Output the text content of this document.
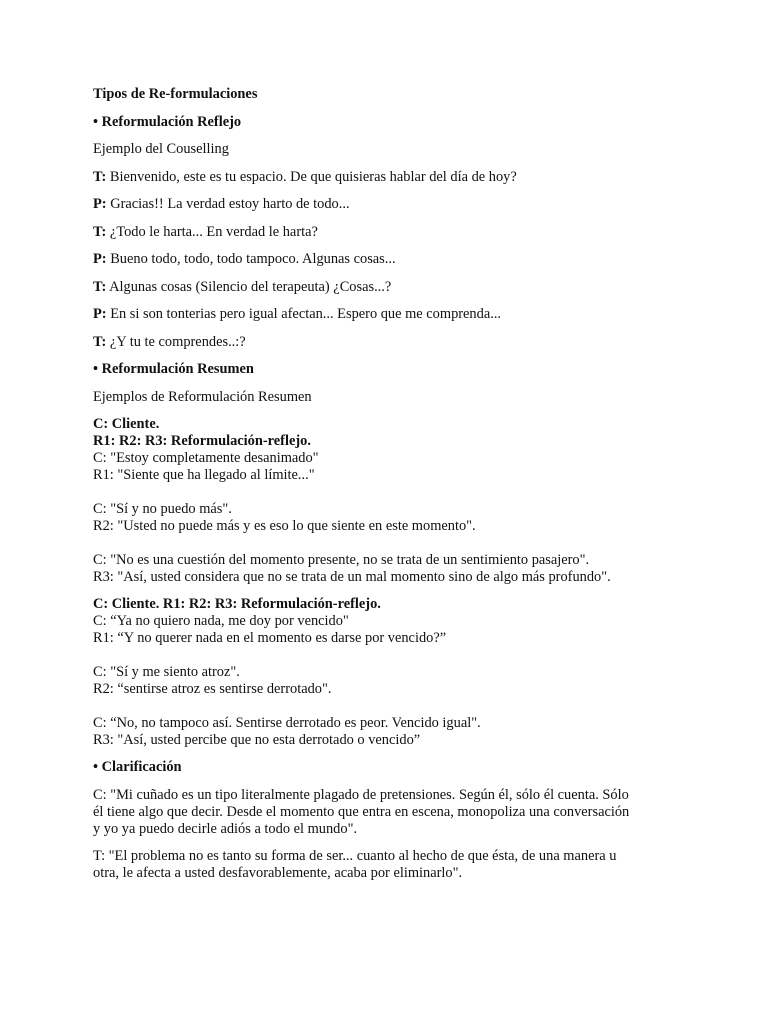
Tipos de Re-formulaciones
• Reformulación Reflejo
Ejemplo del Couselling
T: Bienvenido, este es tu espacio. De que quisieras hablar del día de hoy?
P: Gracias!! La verdad estoy harto de todo...
T: ¿Todo le harta... En verdad le harta?
P: Bueno todo, todo, todo tampoco. Algunas cosas...
T: Algunas cosas (Silencio del terapeuta) ¿Cosas...?
P: En si son tonterias pero igual afectan... Espero que me comprenda...
T: ¿Y tu te comprendes..:?
• Reformulación Resumen
Ejemplos de Reformulación Resumen
C: Cliente.
R1: R2: R3: Reformulación-reflejo.
C: "Estoy completamente desanimado"
R1: "Siente que ha llegado al límite..."
C: "Sí y no puedo más".
R2: "Usted no puede más y es eso lo que siente en este momento".
C: "No es una cuestión del momento presente, no se trata de un sentimiento pasajero".
R3: "Así, usted considera que no se trata de un mal momento sino de algo más profundo".
C: Cliente. R1: R2: R3: Reformulación-reflejo.
C: “Ya no quiero nada, me doy por vencido"
R1: “Y no querer nada en el momento es darse por vencido?”
C: "Sí y me siento atroz".
R2: “sentirse atroz es sentirse derrotado".
C: “No, no tampoco así. Sentirse derrotado es peor. Vencido igual".
R3: "Así, usted percibe que no esta derrotado o vencido”
• Clarificación
C: "Mi cuñado es un tipo literalmente plagado de pretensiones. Según él, sólo él cuenta. Sólo
él tiene algo que decir. Desde el momento que entra en escena, monopoliza una conversación
y yo ya puedo decirle adiós a todo el mundo".
T: "El problema no es tanto su forma de ser... cuanto al hecho de que ésta, de una manera u
otra, le afecta a usted desfavorablemente, acaba por eliminarlo".
